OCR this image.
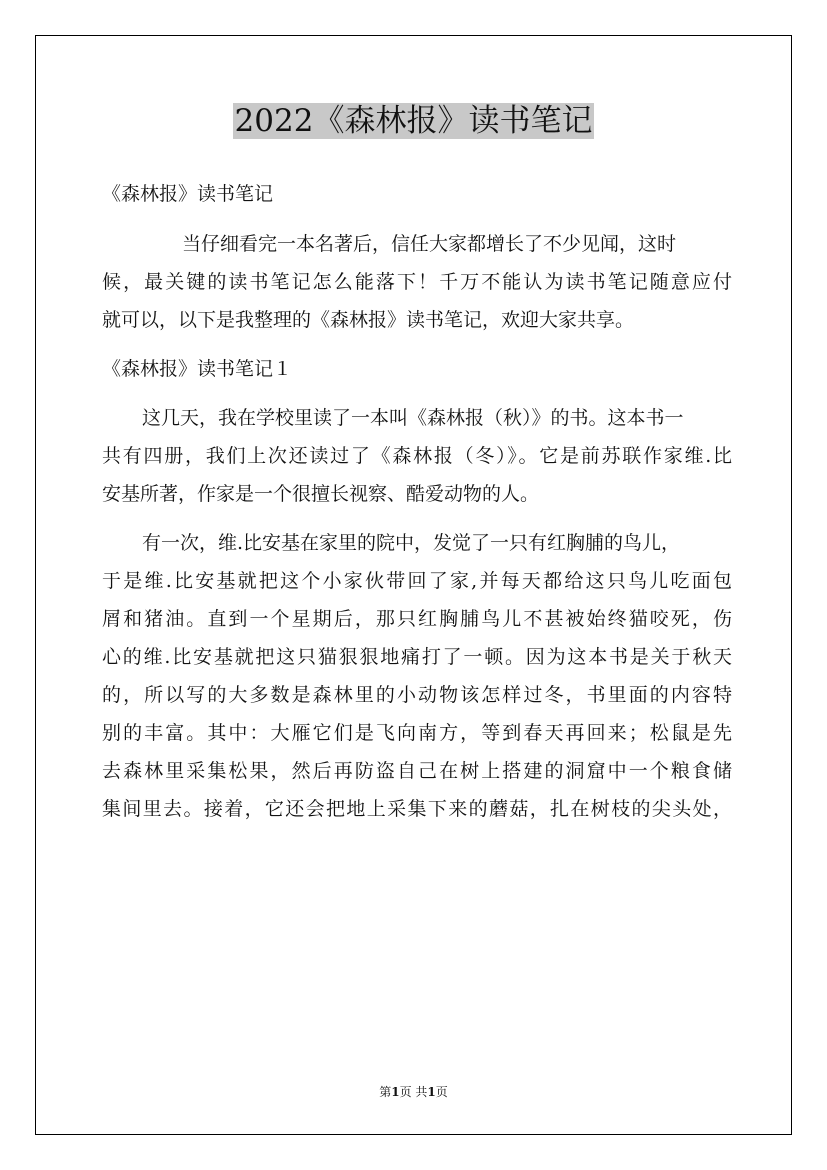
2022《森林报》读书笔记
《森林报》读书笔记
当仔细看完一本名著后，信任大家都增长了不少见闻，这时
候，最关键的读书笔记怎么能落下！千万不能认为读书笔记随意应付
就可以，以下是我整理的《森林报》读书笔记，欢迎大家共享。
《森林报》读书笔记１
这几天，我在学校里读了一本叫《森林报（秋）》的书。这本书一
共有四册，我们上次还读过了《森林报（冬）》。它是前苏联作家维.比
安基所著，作家是一个很擅长视察、酷爱动物的人。
有一次，维.比安基在家里的院中，发觉了一只有红胸脯的鸟儿，
于是维.比安基就把这个小家伙带回了家,并每天都给这只鸟儿吃面包
屑和猪油。直到一个星期后，那只红胸脯鸟儿不甚被始终猫咬死，伤
心的维.比安基就把这只猫狠狠地痛打了一顿。因为这本书是关于秋天
的，所以写的大多数是森林里的小动物该怎样过冬，书里面的内容特
别的丰富。其中：大雁它们是飞向南方，等到春天再回来；松鼠是先
去森林里采集松果，然后再防盗自己在树上搭建的洞窟中一个粮食储
集间里去。接着，它还会把地上采集下来的蘑菇，扎在树枝的尖头处，
第1页 共1页
